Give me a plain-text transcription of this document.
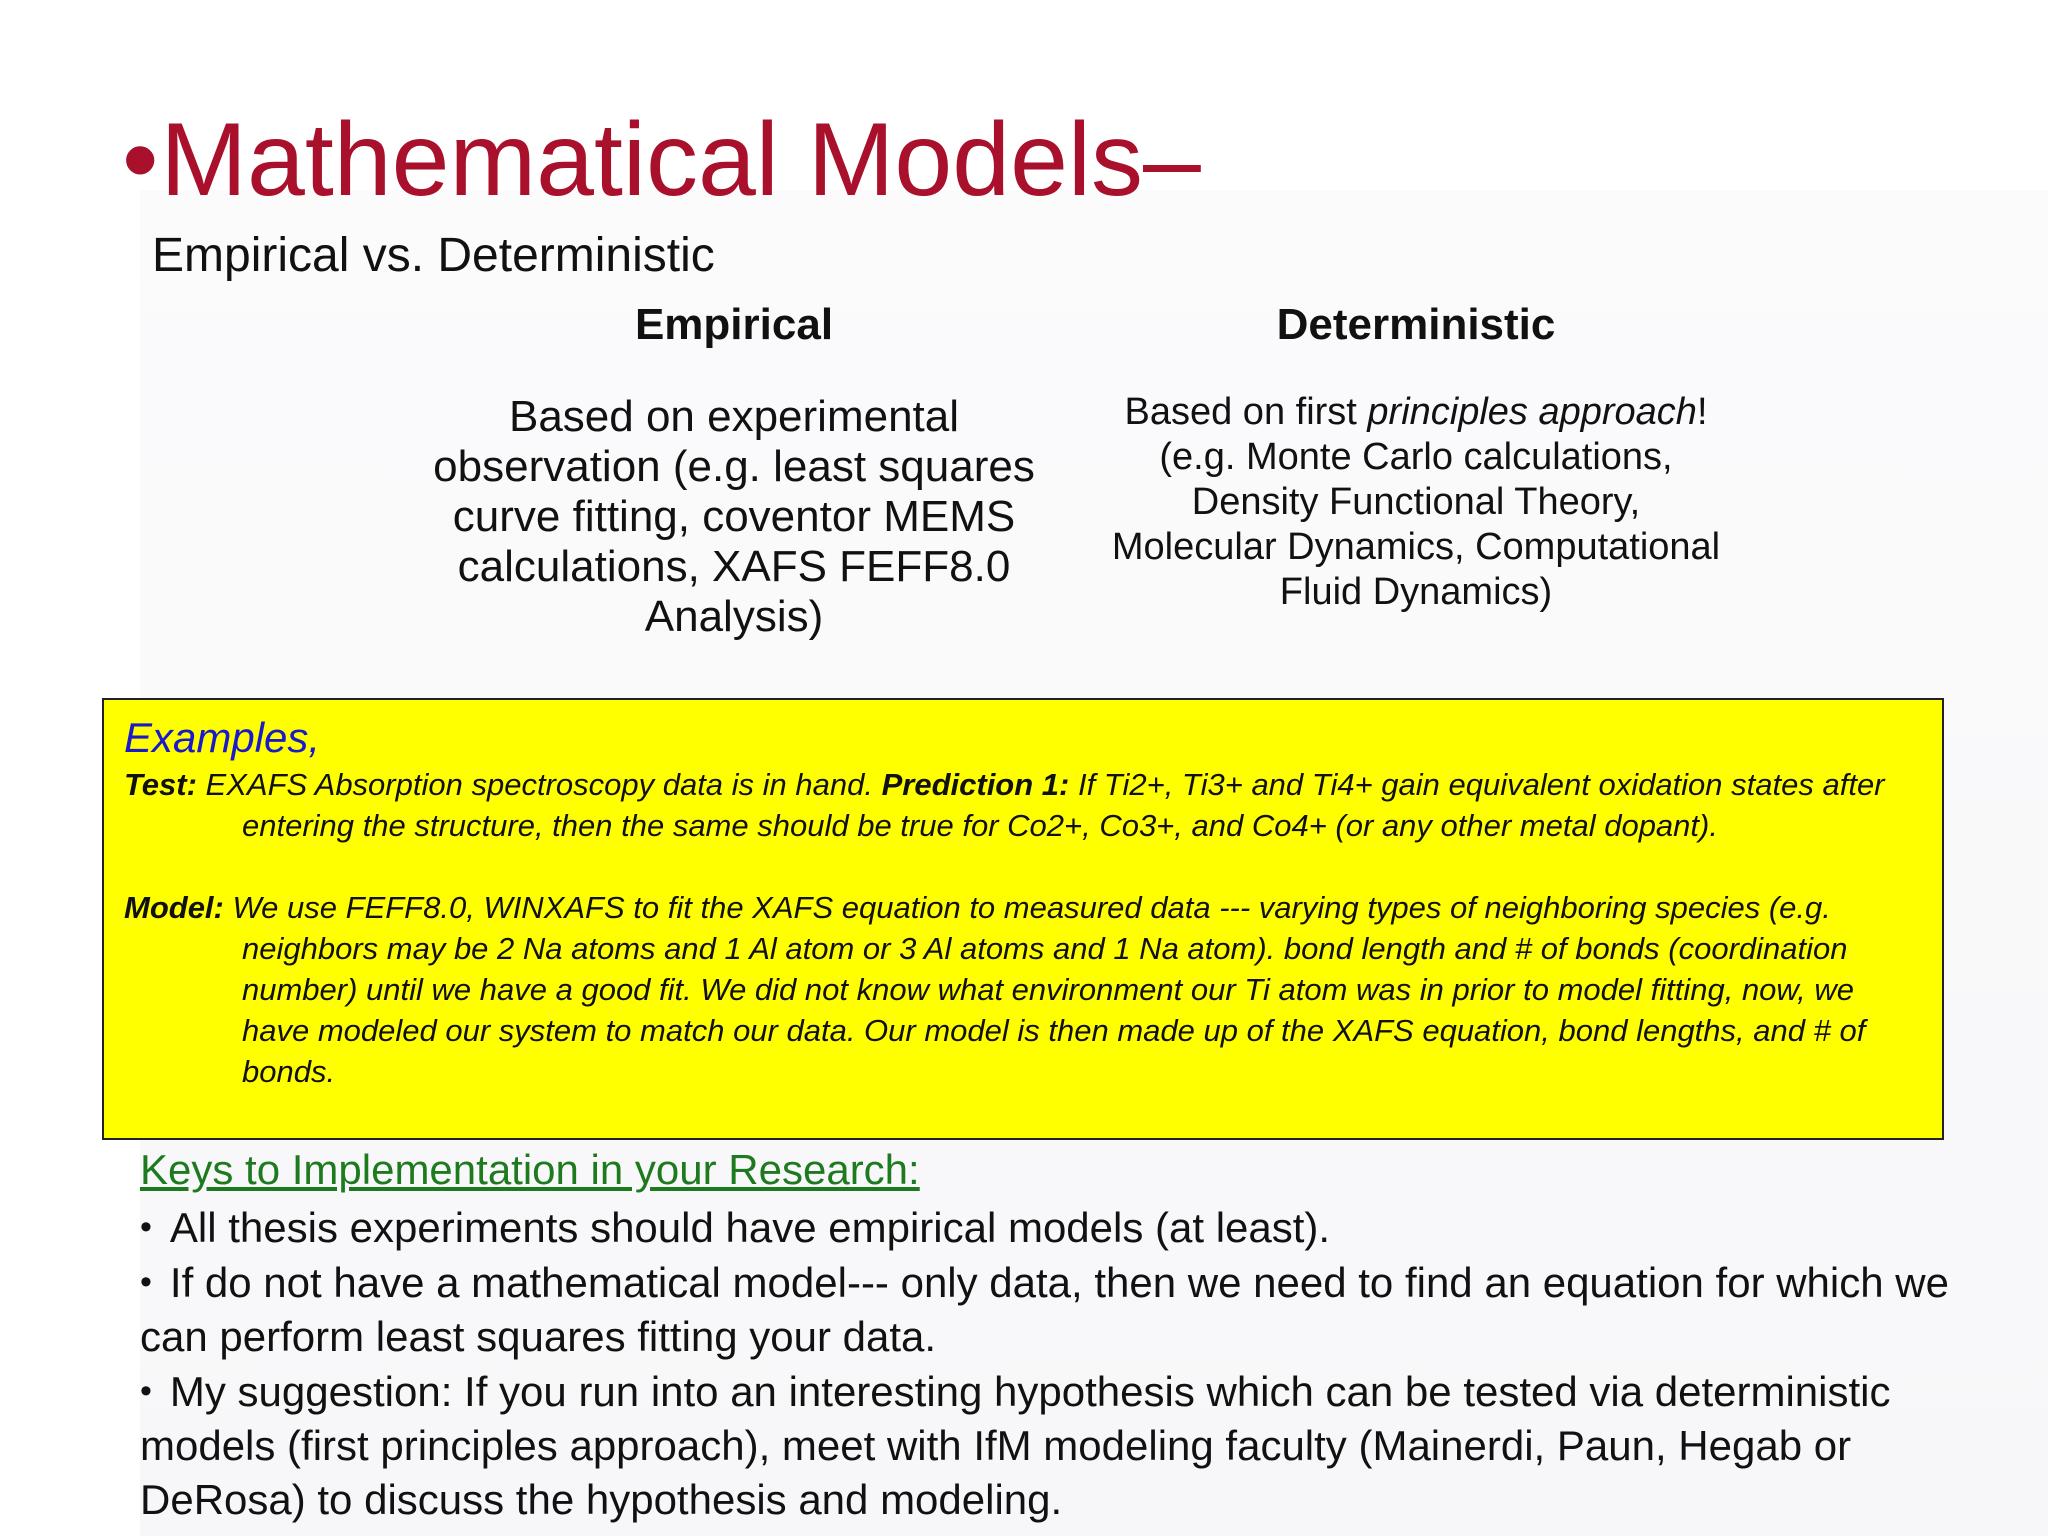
•Mathematical Models–
Empirical vs. Deterministic

Empirical

Based on experimental
observation (e.g. least squares
curve fitting, coventor MEMS
calculations, XAFS FEFF8.0
Analysis)

Deterministic

Based on first principles approach!
(e.g. Monte Carlo calculations,
Density Functional Theory,
Molecular Dynamics, Computational
Fluid Dynamics)

Examples,

Test: EXAFS Absorption spectroscopy data is in hand. Prediction 1: If Ti2+, Ti3+ and Ti4+ gain equivalent oxidation states after entering the structure, then the same should be true for Co2+, Co3+, and Co4+ (or any other metal dopant).

Model: We use FEFF8.0, WINXAFS to fit the XAFS equation to measured data --- varying types of neighboring species (e.g. neighbors may be 2 Na atoms and 1 Al atom or 3 Al atoms and 1 Na atom). bond length and # of bonds (coordination number) until we have a good fit. We did not know what environment our Ti atom was in prior to model fitting, now, we have modeled our system to match our data. Our model is then made up of the XAFS equation, bond lengths, and # of bonds.

Keys to Implementation in your Research:
• All thesis experiments should have empirical models (at least).
• If do not have a mathematical model--- only data, then we need to find an equation for which we can perform least squares fitting your data.
• My suggestion: If you run into an interesting hypothesis which can be tested via deterministic models (first principles approach), meet with IfM modeling faculty (Mainerdi, Paun, Hegab or DeRosa) to discuss the hypothesis and modeling.
